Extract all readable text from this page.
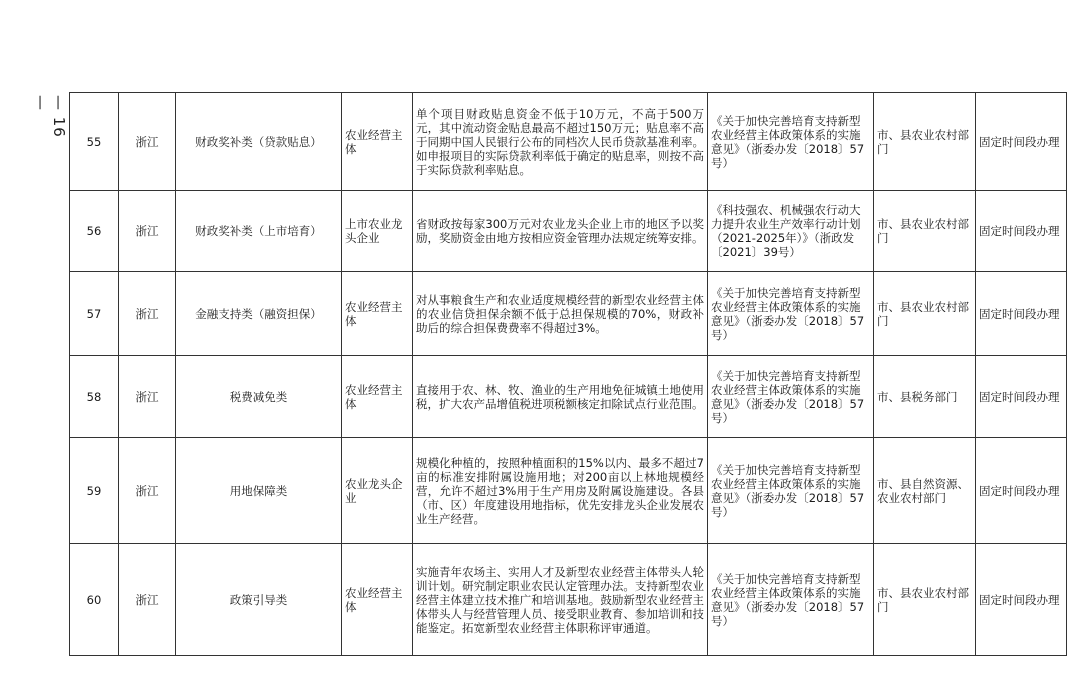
— 16 —
55	浙江	财政奖补类（贷款贴息）	农业经营主体	单个项目财政贴息资金不低于10万元，不高于500万元，其中流动资金贴息最高不超过150万元；贴息率不高于同期中国人民银行公布的同档次人民币贷款基准利率。如申报项目的实际贷款利率低于确定的贴息率，则按不高于实际贷款利率贴息。	《关于加快完善培育支持新型农业经营主体政策体系的实施意见》（浙委办发〔2018〕57号）	市、县农业农村部门	固定时间段办理
56	浙江	财政奖补类（上市培育）	上市农业龙头企业	省财政按每家300万元对农业龙头企业上市的地区予以奖励，奖励资金由地方按相应资金管理办法规定统筹安排。	《科技强农、机械强农行动大力提升农业生产效率行动计划（2021-2025年）》（浙政发〔2021〕39号）	市、县农业农村部门	固定时间段办理
57	浙江	金融支持类（融资担保）	农业经营主体	对从事粮食生产和农业适度规模经营的新型农业经营主体的农业信贷担保余额不低于总担保规模的70%，财政补助后的综合担保费费率不得超过3%。	《关于加快完善培育支持新型农业经营主体政策体系的实施意见》（浙委办发〔2018〕57号）	市、县农业农村部门	固定时间段办理
58	浙江	税费减免类	农业经营主体	直接用于农、林、牧、渔业的生产用地免征城镇土地使用税，扩大农产品增值税进项税额核定扣除试点行业范围。	《关于加快完善培育支持新型农业经营主体政策体系的实施意见》（浙委办发〔2018〕57号）	市、县税务部门	固定时间段办理
59	浙江	用地保障类	农业龙头企业	规模化种植的，按照种植面积的15%以内、最多不超过7亩的标准安排附属设施用地；对200亩以上林地规模经营，允许不超过3%用于生产用房及附属设施建设。各县（市、区）年度建设用地指标，优先安排龙头企业发展农业生产经营。	《关于加快完善培育支持新型农业经营主体政策体系的实施意见》（浙委办发〔2018〕57号）	市、县自然资源、农业农村部门	固定时间段办理
60	浙江	政策引导类	农业经营主体	实施青年农场主、实用人才及新型农业经营主体带头人轮训计划。研究制定职业农民认定管理办法。支持新型农业经营主体建立技术推广和培训基地。鼓励新型农业经营主体带头人与经营管理人员、接受职业教育、参加培训和技能鉴定。拓宽新型农业经营主体职称评审通道。	《关于加快完善培育支持新型农业经营主体政策体系的实施意见》（浙委办发〔2018〕57号）	市、县农业农村部门	固定时间段办理
